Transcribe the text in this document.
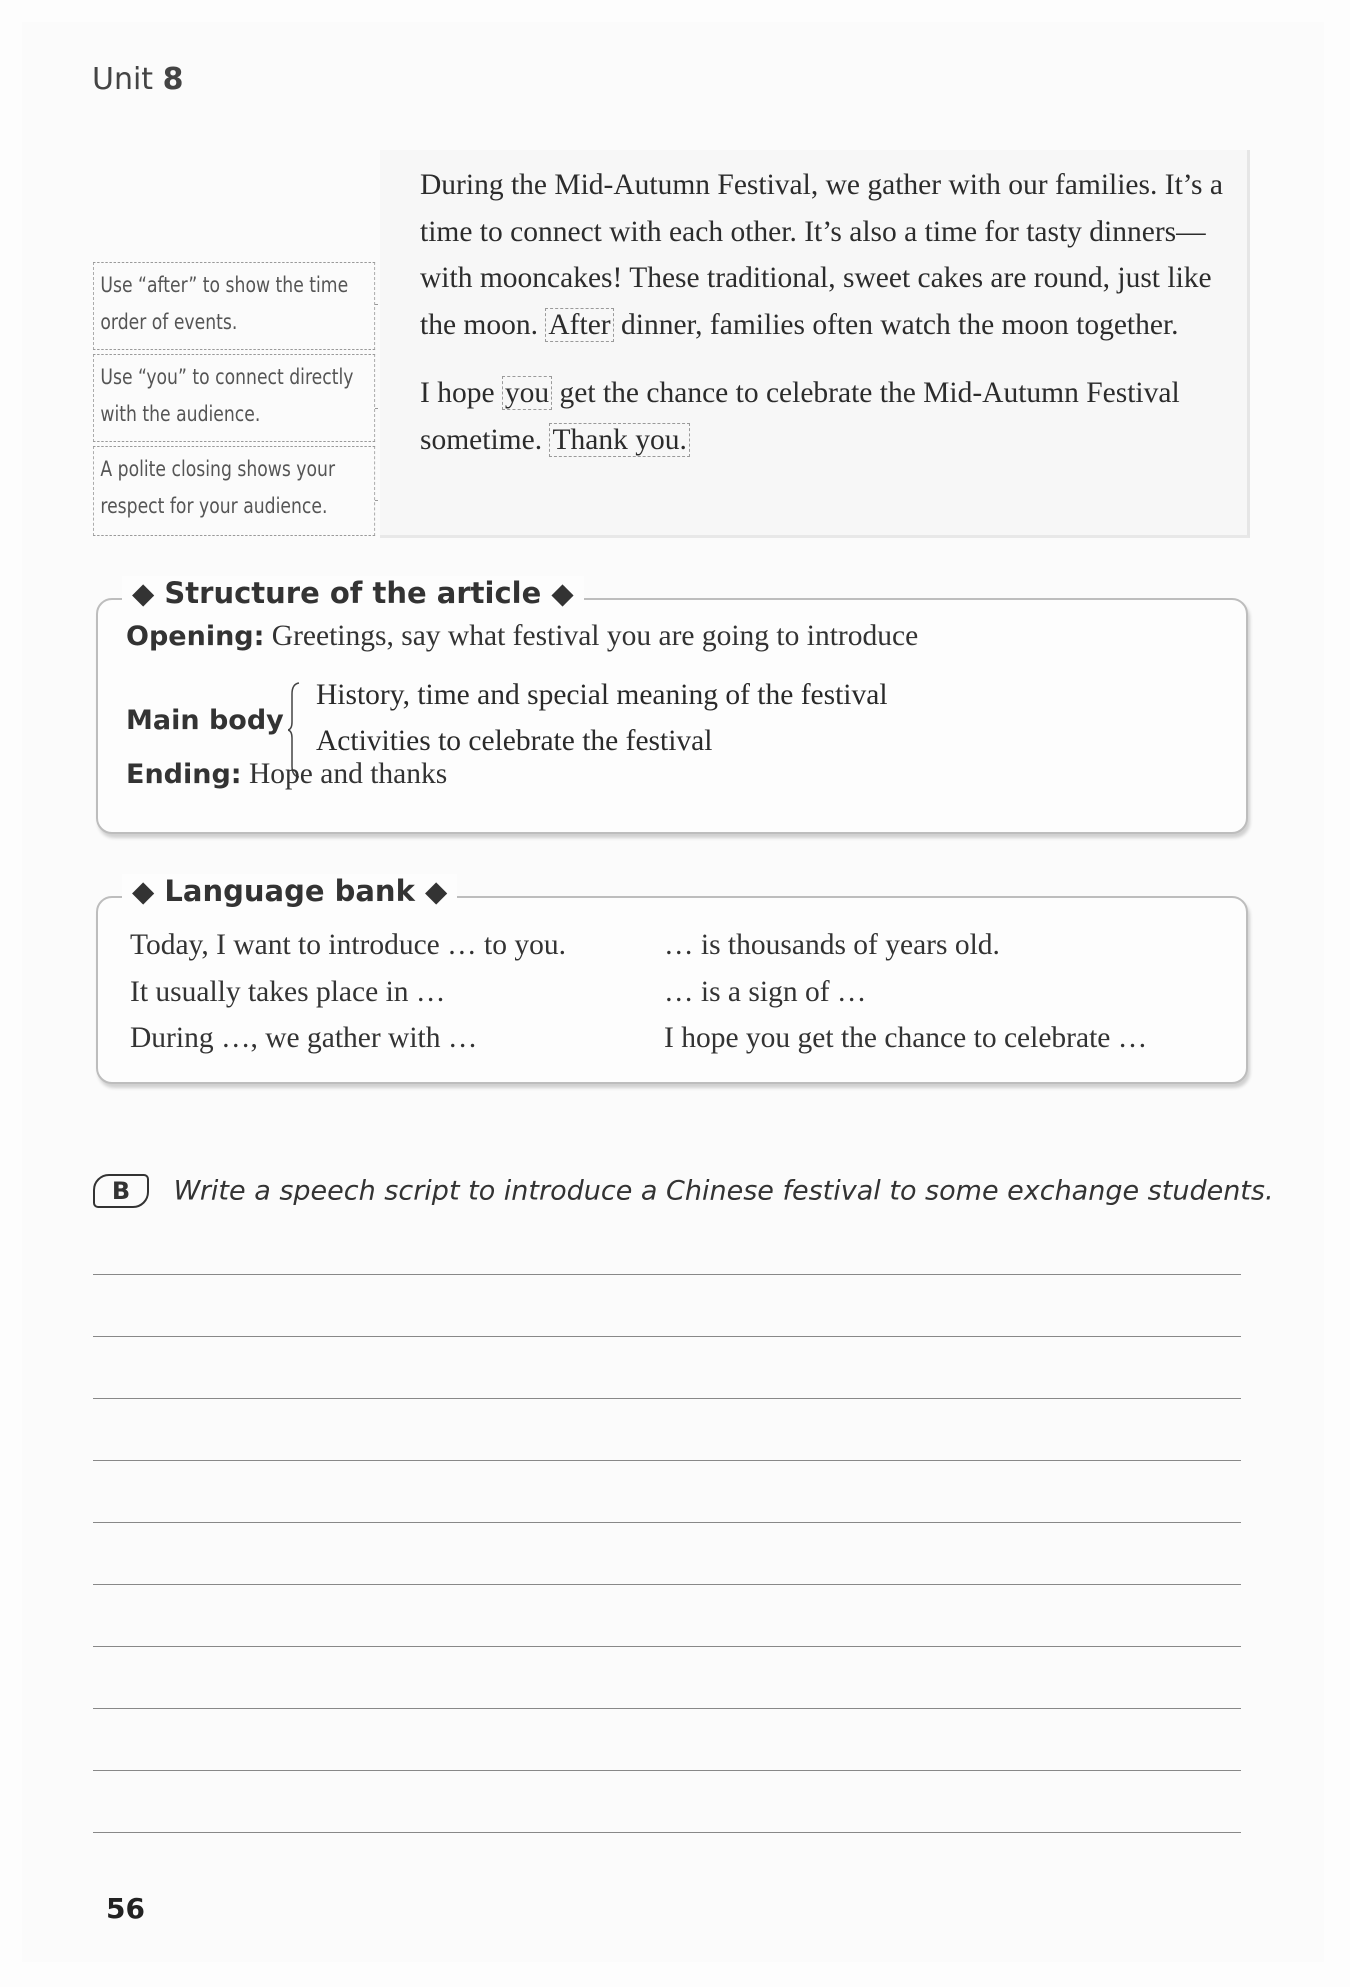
Unit 8
Use “after” to show the time order of events.
Use “you” to connect directly with the audience.
A polite closing shows your respect for your audience.

During the Mid-Autumn Festival, we gather with our families. It’s a time to connect with each other. It’s also a time for tasty dinners—with mooncakes! These traditional, sweet cakes are round, just like the moon. After dinner, families often watch the moon together.

I hope you get the chance to celebrate the Mid-Autumn Festival sometime. Thank you.

◆ Structure of the article ◆
Opening: Greetings, say what festival you are going to introduce
Main body
History, time and special meaning of the festival
Activities to celebrate the festival
Ending: Hope and thanks
◆ Language bank ◆
Today, I want to introduce … to you.
It usually takes place in …
During …, we gather with …
… is thousands of years old.
… is a sign of …
I hope you get the chance to celebrate …
B Write a speech script to introduce a Chinese festival to some exchange students.
56
